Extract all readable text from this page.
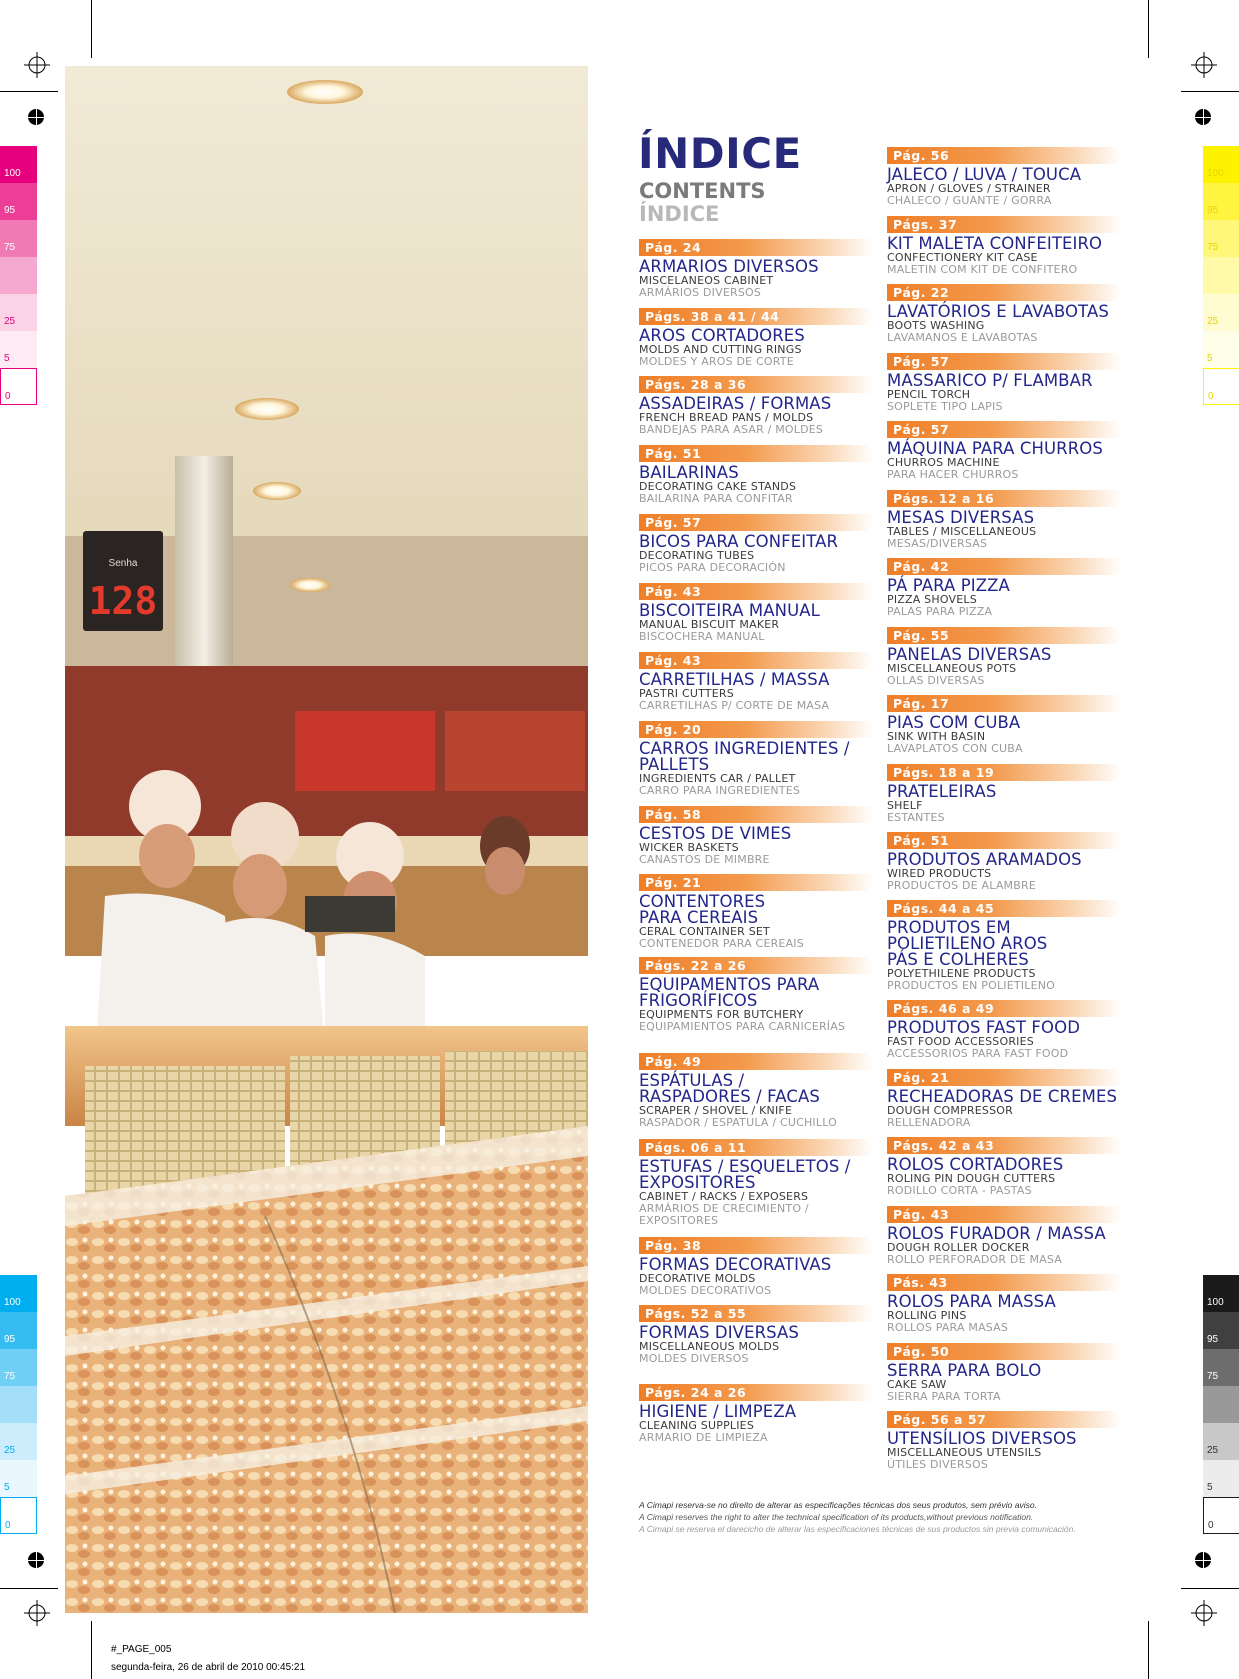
100
95
75
25
5
0
100
95
75
25
5
0
100
95
75
25
5
0
100
95
75
25
5
0
Senha
128
ÍNDICE
CONTENTS
ÍNDICE
Pág. 24
ARMARIOS DIVERSOS
MISCELANEOS CABINET
ARMÁRIOS DIVERSOS
Págs. 38 a 41 / 44
AROS CORTADORES
MOLDS AND CUTTING RINGS
MOLDES Y AROS DE CORTE
Págs. 28 a 36
ASSADEIRAS / FORMAS
FRENCH BREAD PANS / MOLDS
BANDEJAS PARA ASAR / MOLDES
Pág. 51
BAILARINAS
DECORATING CAKE STANDS
BAILARINA PARA CONFITAR
Pág. 57
BICOS PARA CONFEITAR
DECORATING TUBES
PICOS PARA DECORACIÓN
Pág. 43
BISCOITEIRA MANUAL
MANUAL BISCUIT MAKER
BISCOCHERA MANUAL
Pág. 43
CARRETILHAS / MASSA
PASTRI CUTTERS
CARRETILHAS P/ CORTE DE MASA
Pág. 20
CARROS INGREDIENTES /
PALLETS
INGREDIENTS CAR / PALLET
CARRO PARA INGREDIENTES
Pág. 58
CESTOS DE VIMES
WICKER BASKETS
CANASTOS DE MIMBRE
Pág. 21
CONTENTORES
PARA CEREAIS
CERAL CONTAINER SET
CONTENEDOR PARA CEREAIS
Págs. 22 a 26
EQUIPAMENTOS PARA
FRIGORÍFICOS
EQUIPMENTS FOR BUTCHERY
EQUIPAMIENTOS PARA CARNICERÍAS
Pág. 49
ESPÁTULAS /
RASPADORES / FACAS
SCRAPER / SHOVEL / KNIFE
RASPADOR / ESPATULA / CUCHILLO
Págs. 06 a 11
ESTUFAS / ESQUELETOS /
EXPOSITORES
CABINET / RACKS / EXPOSERS
ARMÁRIOS DE CRECIMIENTO /
EXPOSITORES
Pág. 38
FORMAS DECORATIVAS
DECORATIVE MOLDS
MOLDES DECORATIVOS
Págs. 52 a 55
FORMAS DIVERSAS
MISCELLANEOUS MOLDS
MOLDES DIVERSOS
Págs. 24 a 26
HIGIENE / LIMPEZA
CLEANING SUPPLIES
ARMARIO DE LIMPIEZA
Pág. 56
JALECO / LUVA / TOUCA
APRON / GLOVES / STRAINER
CHALECO / GUANTE / GORRA
Págs. 37
KIT MALETA CONFEITEIRO
CONFECTIONERY KIT CASE
MALETIN COM KIT DE CONFITERO
Pág. 22
LAVATÓRIOS E LAVABOTAS
BOOTS WASHING
LAVAMANOS E LAVABOTAS
Pág. 57
MASSARICO P/ FLAMBAR
PENCIL TORCH
SOPLETE TIPO LAPIS
Pág. 57
MÁQUINA PARA CHURROS
CHURROS MACHINE
PARA HACER CHURROS
Págs. 12 a 16
MESAS DIVERSAS
TABLES / MISCELLANEOUS
MESAS/DIVERSAS
Pág. 42
PÁ PARA PIZZA
PIZZA SHOVELS
PALAS PARA PIZZA
Pág. 55
PANELAS DIVERSAS
MISCELLANEOUS POTS
OLLAS DIVERSAS
Pág. 17
PIAS COM CUBA
SINK WITH BASIN
LAVAPLATOS CON CUBA
Págs. 18 a 19
PRATELEIRAS
SHELF
ESTANTES
Pág. 51
PRODUTOS ARAMADOS
WIRED PRODUCTS
PRODUCTOS DE ALAMBRE
Págs. 44 a 45
PRODUTOS EM
POLIETILENO AROS
PÁS E COLHERES
POLYETHILENE PRODUCTS
PRODUCTOS EN POLIETILENO
Págs. 46 a 49
PRODUTOS FAST FOOD
FAST FOOD ACCESSORIES
ACCESSORIOS PARA FAST FOOD
Pág. 21
RECHEADORAS DE CREMES
DOUGH COMPRESSOR
RELLENADORA
Págs. 42 a 43
ROLOS CORTADORES
ROLING PIN DOUGH CUTTERS
RODILLO CORTA - PASTAS
Pág. 43
ROLOS FURADOR / MASSA
DOUGH ROLLER DOCKER
ROLLO PERFORADOR DE MASA
Pás. 43
ROLOS PARA MASSA
ROLLING PINS
ROLLOS PARA MASAS
Pág. 50
SERRA PARA BOLO
CAKE SAW
SIERRA PARA TORTA
Pág. 56 a 57
UTENSÍLIOS DIVERSOS
MISCELLANEOUS UTENSILS
ÚTILES DIVERSOS
A Cimapi reserva-se no direito de alterar as especificações técnicas dos seus produtos, sem prévio aviso.
A Cimapi reserves the right to alter the technical specification of its products,without previous notification.
A Cimapi se reserva el darecicho de alterar las especificaciones técnicas de sus productos sin previa comunicación.
#_PAGE_005
segunda-feira, 26 de abril de 2010 00:45:21
